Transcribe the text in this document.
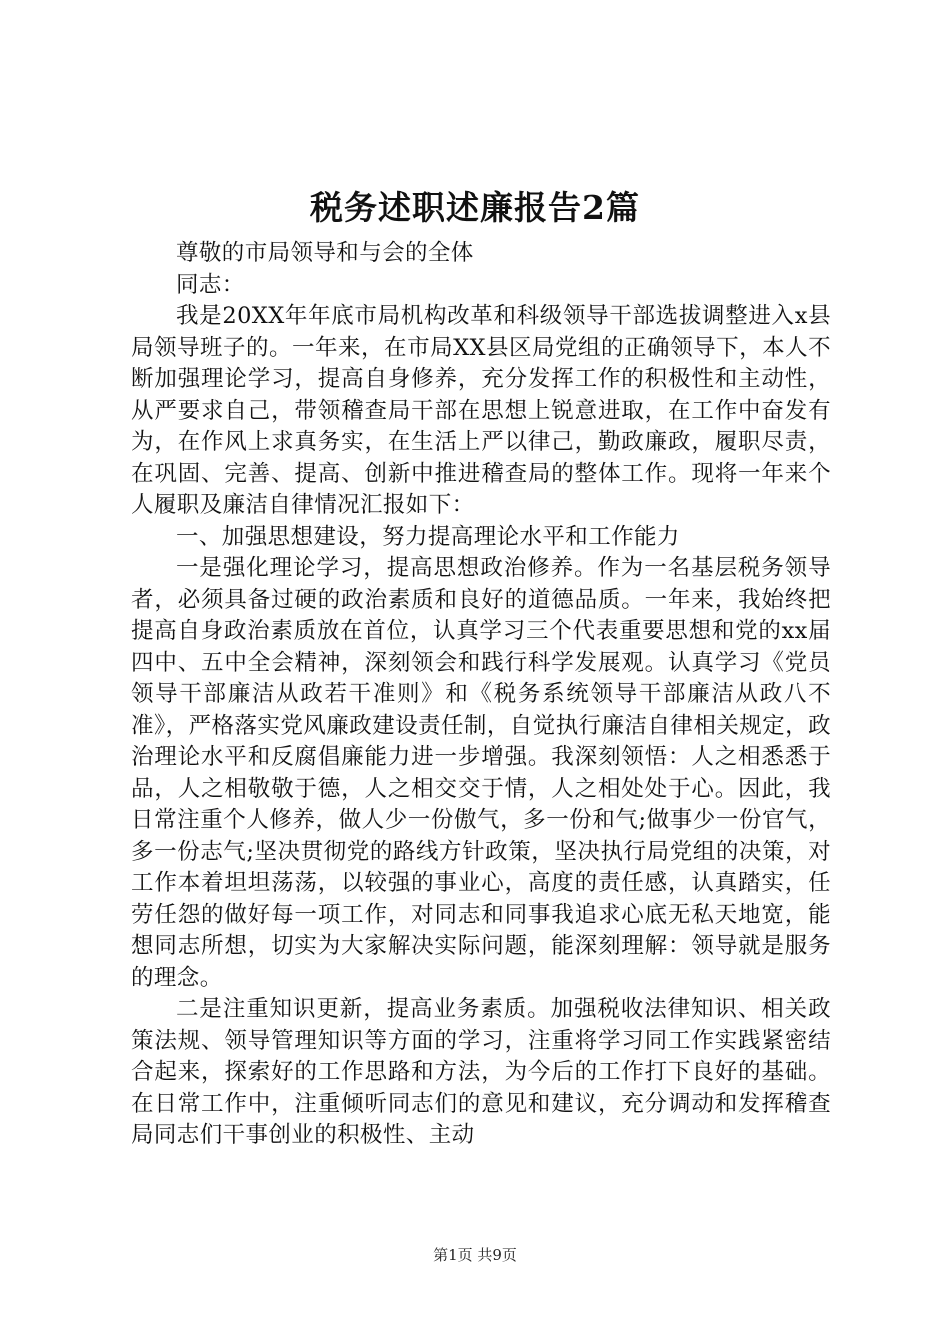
税务述职述廉报告2篇

尊敬的市局领导和与会的全体

同志：

我是20XX年年底市局机构改革和科级领导干部选拔调整进入x县局领导班子的。一年来，在市局XX县区局党组的正确领导下，本人不断加强理论学习，提高自身修养，充分发挥工作的积极性和主动性，从严要求自己，带领稽查局干部在思想上锐意进取，在工作中奋发有为，在作风上求真务实，在生活上严以律己，勤政廉政，履职尽责，在巩固、完善、提高、创新中推进稽查局的整体工作。现将一年来个人履职及廉洁自律情况汇报如下：

一、加强思想建设，努力提高理论水平和工作能力

一是强化理论学习，提高思想政治修养。作为一名基层税务领导者，必须具备过硬的政治素质和良好的道德品质。一年来，我始终把提高自身政治素质放在首位，认真学习三个代表重要思想和党的xx届四中、五中全会精神，深刻领会和践行科学发展观。认真学习《党员领导干部廉洁从政若干准则》和《税务系统领导干部廉洁从政八不准》，严格落实党风廉政建设责任制，自觉执行廉洁自律相关规定，政治理论水平和反腐倡廉能力进一步增强。我深刻领悟：人之相悉悉于品，人之相敬敬于德，人之相交交于情，人之相处处于心。因此，我日常注重个人修养，做人少一份傲气，多一份和气;做事少一份官气，多一份志气;坚决贯彻党的路线方针政策，坚决执行局党组的决策，对工作本着坦坦荡荡，以较强的事业心，高度的责任感，认真踏实，任劳任怨的做好每一项工作，对同志和同事我追求心底无私天地宽，能想同志所想，切实为大家解决实际问题，能深刻理解：领导就是服务的理念。

二是注重知识更新，提高业务素质。加强税收法律知识、相关政策法规、领导管理知识等方面的学习，注重将学习同工作实践紧密结合起来，探索好的工作思路和方法，为今后的工作打下良好的基础。在日常工作中，注重倾听同志们的意见和建议，充分调动和发挥稽查局同志们干事创业的积极性、主动

第1页 共9页
